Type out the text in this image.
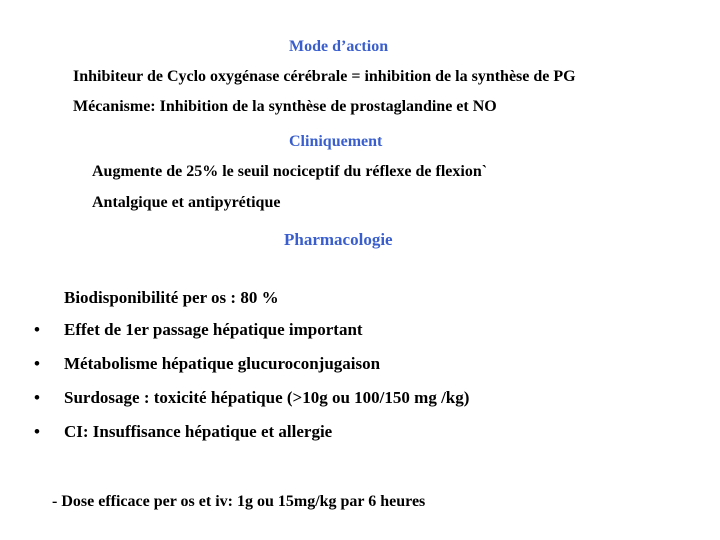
Mode d’action
Inhibiteur de Cyclo oxygénase cérébrale = inhibition de la synthèse de PG
Mécanisme: Inhibition de la synthèse de prostaglandine et NO
Cliniquement
Augmente de 25% le seuil nociceptif du réflexe de flexion`
Antalgique et antipyrétique
Pharmacologie
Biodisponibilité per os : 80 %
• Effet de 1er passage hépatique important
• Métabolisme hépatique glucuroconjugaison
• Surdosage : toxicité hépatique (>10g ou 100/150 mg /kg)
• CI: Insuffisance hépatique et allergie
- Dose efficace per os et iv: 1g ou 15mg/kg par 6 heures
